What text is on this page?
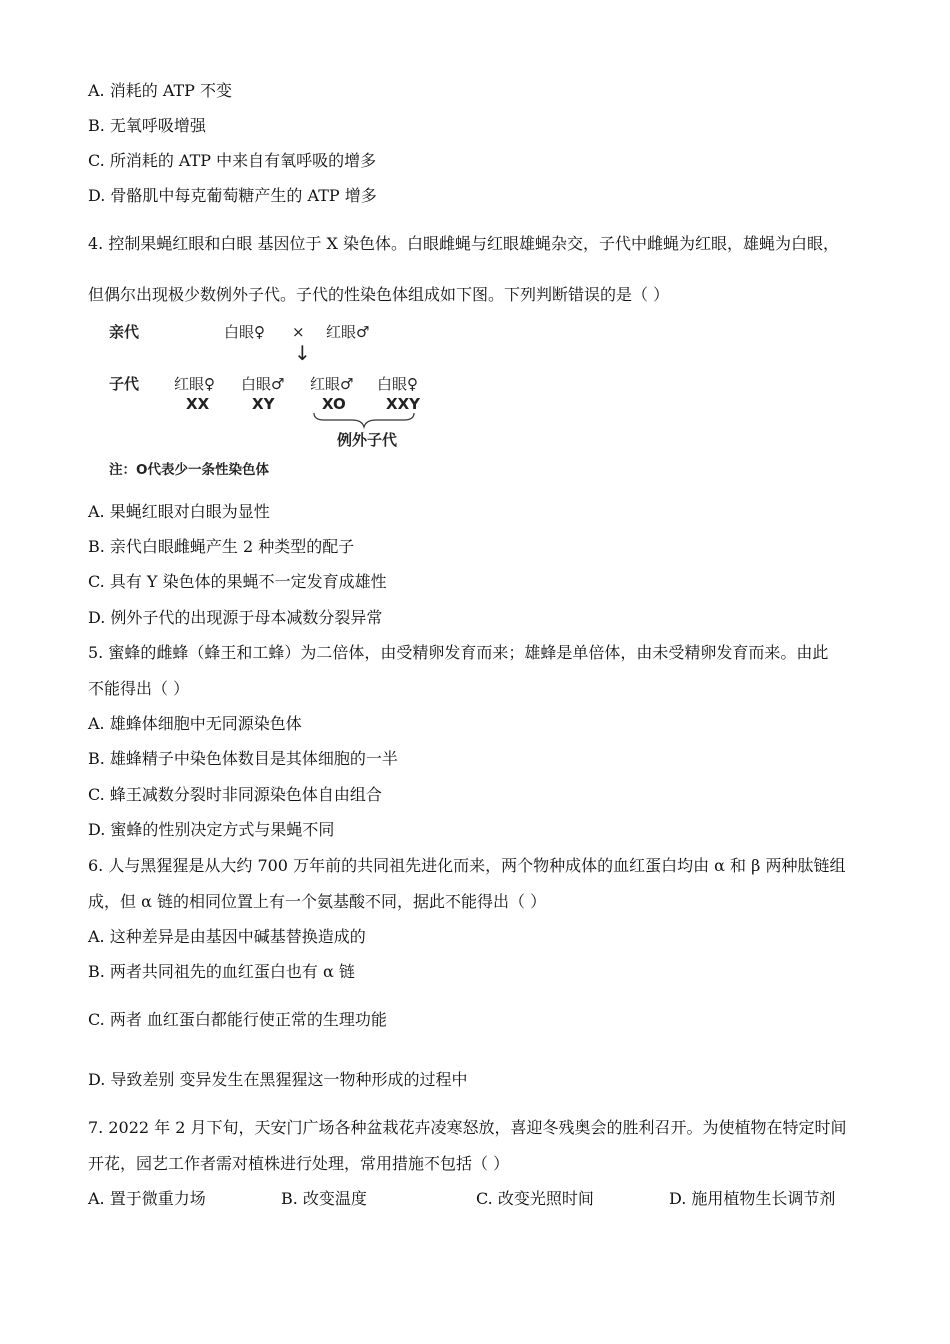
A. 消耗的 ATP 不变
B. 无氧呼吸增强
C. 所消耗的 ATP 中来自有氧呼吸的增多
D. 骨骼肌中每克葡萄糖产生的 ATP 增多
4. 控制果蝇红眼和白眼 基因位于 X 染色体。白眼雌蝇与红眼雄蝇杂交，子代中雌蝇为红眼，雄蝇为白眼，
但偶尔出现极少数例外子代。子代的性染色体组成如下图。下列判断错误的是（ ）
亲代	白眼♀ × 红眼♂
↓
子代 红眼♀
XX
白眼♂
XY
红眼♂
XO
白眼♀
XXY
例外子代
注：O代表少一条性染色体
A. 果蝇红眼对白眼为显性
B. 亲代白眼雌蝇产生 2 种类型的配子
C. 具有 Y 染色体的果蝇不一定发育成雄性
D. 例外子代的出现源于母本减数分裂异常
5. 蜜蜂的雌蜂（蜂王和工蜂）为二倍体，由受精卵发育而来；雄蜂是单倍体，由未受精卵发育而来。由此
不能得出（ ）
A. 雄蜂体细胞中无同源染色体
B. 雄蜂精子中染色体数目是其体细胞的一半
C. 蜂王减数分裂时非同源染色体自由组合
D. 蜜蜂的性别决定方式与果蝇不同
6. 人与黑猩猩是从大约 700 万年前的共同祖先进化而来，两个物种成体的血红蛋白均由 α 和 β 两种肽链组
成，但 α 链的相同位置上有一个氨基酸不同，据此不能得出（ ）
A. 这种差异是由基因中碱基替换造成的
B. 两者共同祖先的血红蛋白也有 α 链
C. 两者 血红蛋白都能行使正常的生理功能
D. 导致差别 变异发生在黑猩猩这一物种形成的过程中
7. 2022 年 2 月下旬，天安门广场各种盆栽花卉凌寒怒放，喜迎冬残奥会的胜利召开。为使植物在特定时间
开花，园艺工作者需对植株进行处理，常用措施不包括（ ）
A. 置于微重力场	B. 改变温度	C. 改变光照时间	D. 施用植物生长调节剂
